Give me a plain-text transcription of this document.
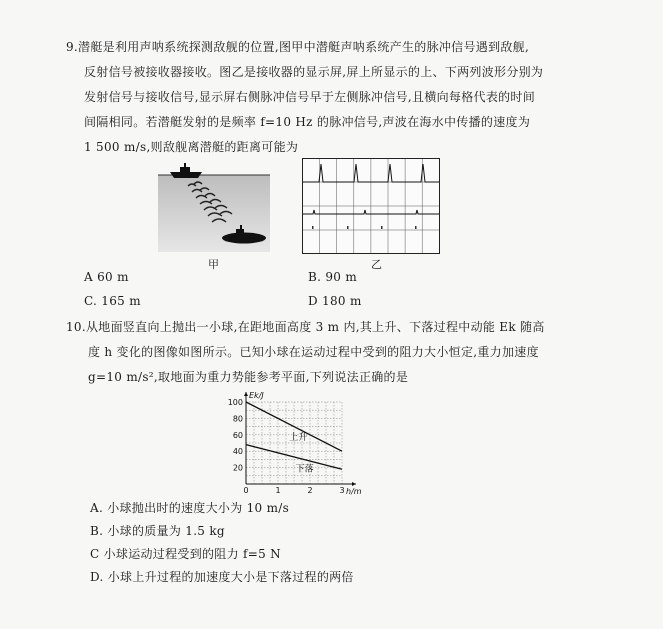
9.潜艇是利用声呐系统探测敌舰的位置,图甲中潜艇声呐系统产生的脉冲信号遇到敌舰,
反射信号被接收器接收。图乙是接收器的显示屏,屏上所显示的上、下两列波形分别为
发射信号与接收信号,显示屏右侧脉冲信号早于左侧脉冲信号,且横向每格代表的时间
间隔相同。若潜艇发射的是频率 f=10 Hz 的脉冲信号,声波在海水中传播的速度为
1 500 m/s,则敌舰离潜艇的距离可能为
甲	乙
A 60 m	B. 90 m
C. 165 m	D 180 m
10.从地面竖直向上抛出一小球,在距地面高度 3 m 内,其上升、下落过程中动能 Ek 随高
度 h 变化的图像如图所示。已知小球在运动过程中受到的阻力大小恒定,重力加速度
g=10 m/s²,取地面为重力势能参考平面,下列说法正确的是
0	1	2	3
20
40
60
80
100
h/m
Ek/J
上升
下落
A. 小球抛出时的速度大小为 10 m/s
B. 小球的质量为 1.5 kg
C 小球运动过程受到的阻力 f=5 N
D. 小球上升过程的加速度大小是下落过程的两倍
